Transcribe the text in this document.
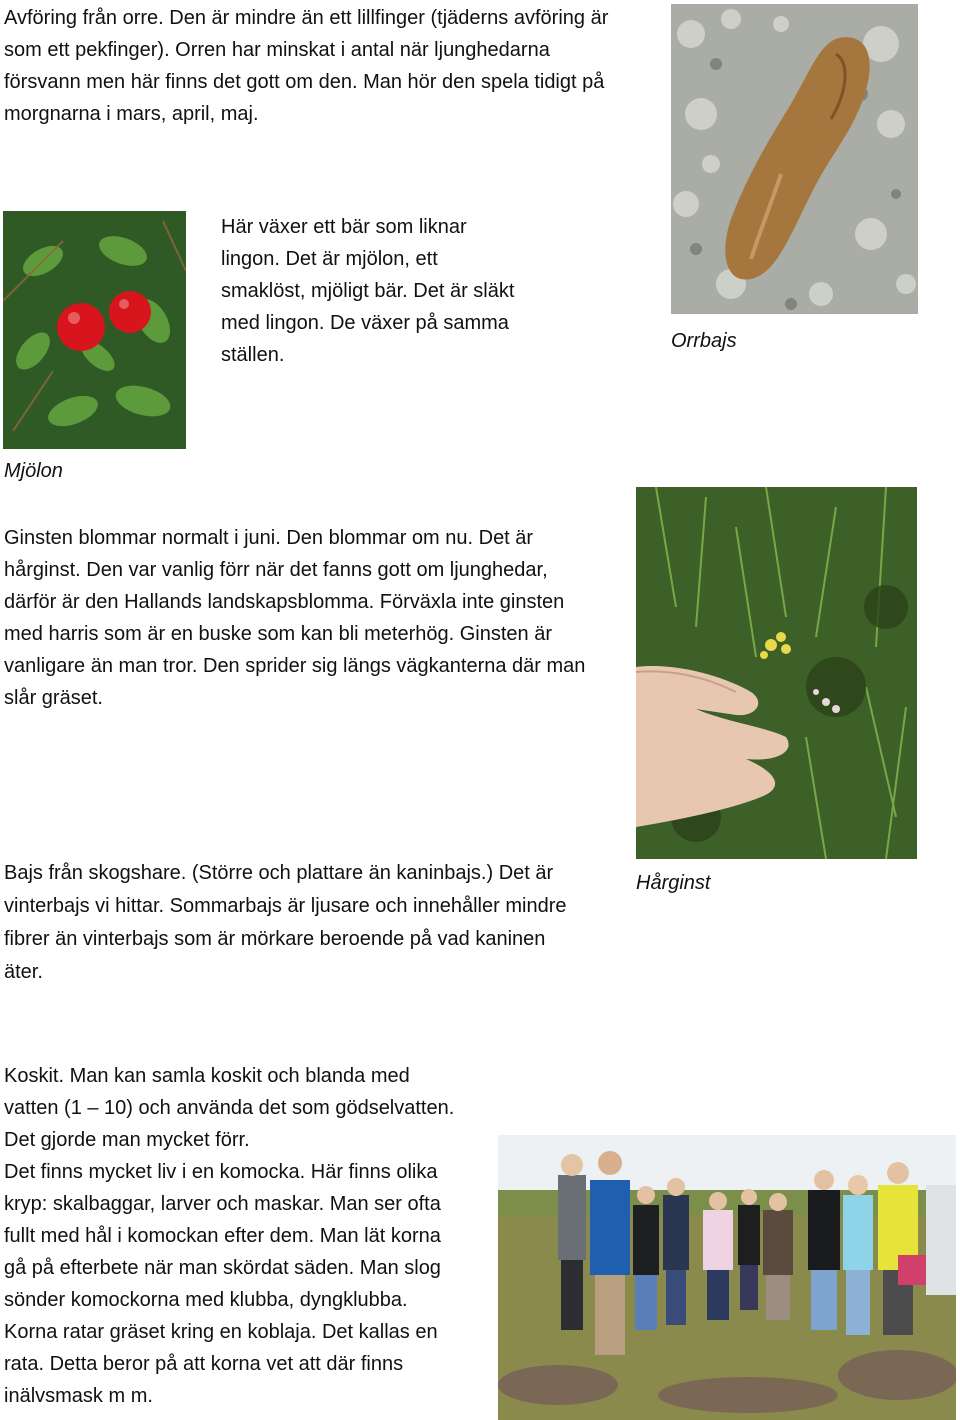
Avföring från orre. Den är mindre än ett lillfinger (tjäderns avföring är
som ett pekfinger). Orren har minskat i antal när ljunghedarna
försvann men här finns det gott om den. Man hör den spela tidigt på
morgnarna i mars, april, maj.

Här växer ett bär som liknar
lingon. Det är mjölon, ett
smaklöst, mjöligt bär. Det är släkt
med lingon. De växer på samma
ställen.

Ginsten blommar normalt i juni. Den blommar om nu. Det är
hårginst. Den var vanlig förr när det fanns gott om ljunghedar,
därför är den Hallands landskapsblomma. Förväxla inte ginsten
med harris som är en buske som kan bli meterhög. Ginsten är
vanligare än man tror. Den sprider sig längs vägkanterna där man
slår gräset.

Bajs från skogshare. (Större och plattare än kaninbajs.) Det är
vinterbajs vi hittar. Sommarbajs är ljusare och innehåller mindre
fibrer än vinterbajs som är mörkare beroende på vad kaninen
äter.

Koskit. Man kan samla koskit och blanda med
vatten (1 – 10) och använda det som gödselvatten.
Det gjorde man mycket förr.
Det finns mycket liv i en komocka. Här finns olika
kryp: skalbaggar, larver och maskar. Man ser ofta
fullt med hål i komockan efter dem. Man lät korna
gå på efterbete när man skördat säden. Man slog
sönder komockorna med klubba, dyngklubba.
Korna ratar gräset kring en koblaja. Det kallas en
rata. Detta beror på att korna vet att där finns
inälvsmask m m.

Orrbajs

Mjölon

Hårginst
